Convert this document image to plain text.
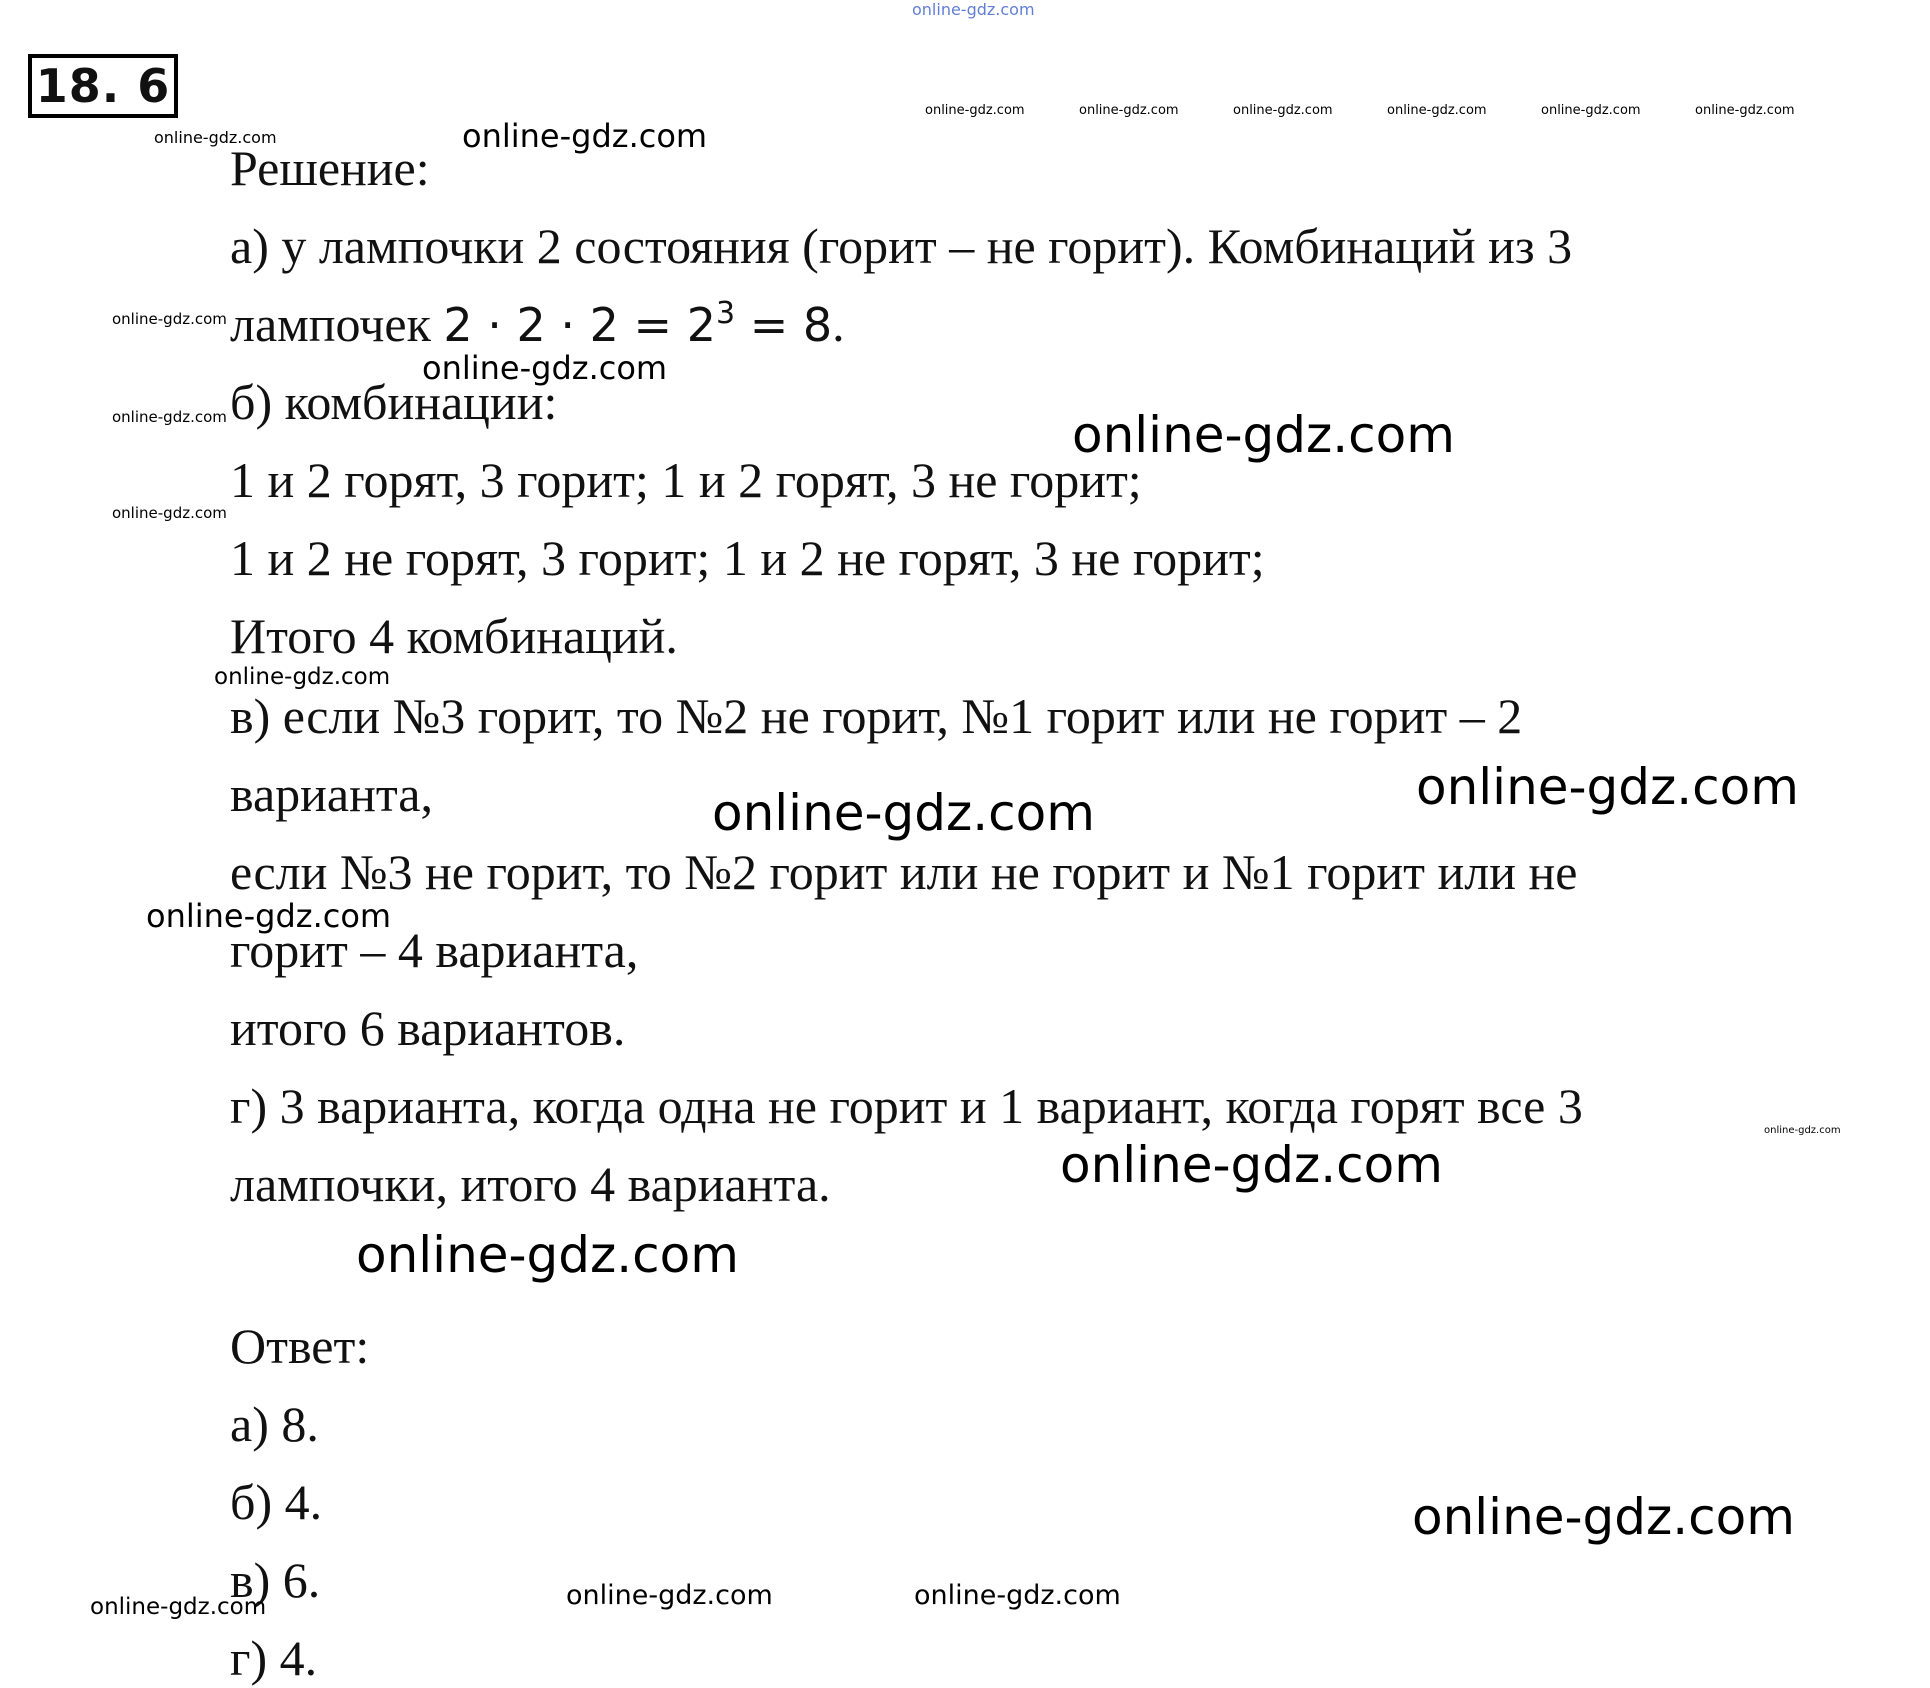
18. 6
Решение:
а) у лампочки 2 состояния (горит – не горит). Комбинаций из 3
лампочек $2 \cdot 2 \cdot 2 = 2^3 = 8$.
б) комбинации:
1 и 2 горят, 3 горит; 1 и 2 горят, 3 не горит;
1 и 2 не горят, 3 горит; 1 и 2 не горят, 3 не горит;
Итого 4 комбинаций.
в) если №3 горит, то №2 не горит, №1 горит или не горит – 2
варианта,
если №3 не горит, то №2 горит или не горит и №1 горит или не
горит – 4 варианта,
итого 6 вариантов.
г) 3 варианта, когда одна не горит и 1 вариант, когда горят все 3
лампочки, итого 4 варианта.
Ответ:
а) 8.
б) 4.
в) 6.
г) 4.
online-gdz.com
online-gdz.com	online-gdz.com	online-gdz.com	online-gdz.com	online-gdz.com	online-gdz.com
online-gdz.com	online-gdz.com
online-gdz.com
online-gdz.com
online-gdz.com	online-gdz.com
online-gdz.com
online-gdz.com
online-gdz.com
online-gdz.com
online-gdz.com
online-gdz.com
online-gdz.com
online-gdz.com
online-gdz.com
online-gdz.com	online-gdz.com	online-gdz.com
